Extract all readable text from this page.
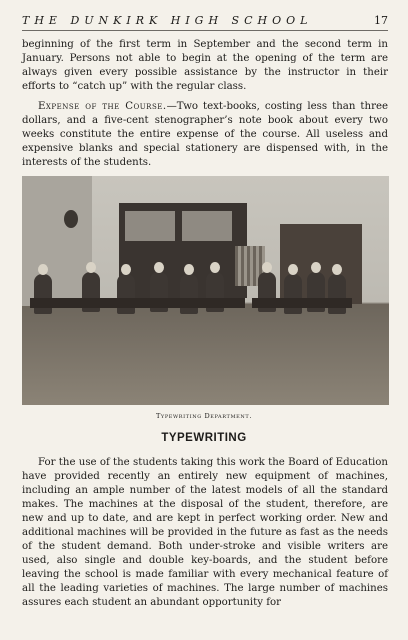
THE DUNKIRK HIGH SCHOOL	17

beginning of the first term in September and the second term in January. Persons not able to begin at the opening of the term are always given every possible assistance by the instructor in their efforts to “catch up” with the regular class.

Expense of the Course.—Two text-books, costing less than three dollars, and a five-cent stenographer’s note book about every two weeks constitute the entire expense of the course. All useless and expensive blanks and special stationery are dispensed with, in the interests of the students.

Typewriting Department.
TYPEWRITING

For the use of the students taking this work the Board of Education have provided recently an entirely new equipment of machines, including an ample number of the latest models of all the standard makes. The machines at the disposal of the student, therefore, are new and up to date, and are kept in perfect working order. New and additional machines will be provided in the future as fast as the needs of the student demand. Both under-stroke and visible writers are used, also single and double key-boards, and the student before leaving the school is made familiar with every mechanical feature of all the leading varieties of machines. The large number of machines assures each student an abundant opportunity for
